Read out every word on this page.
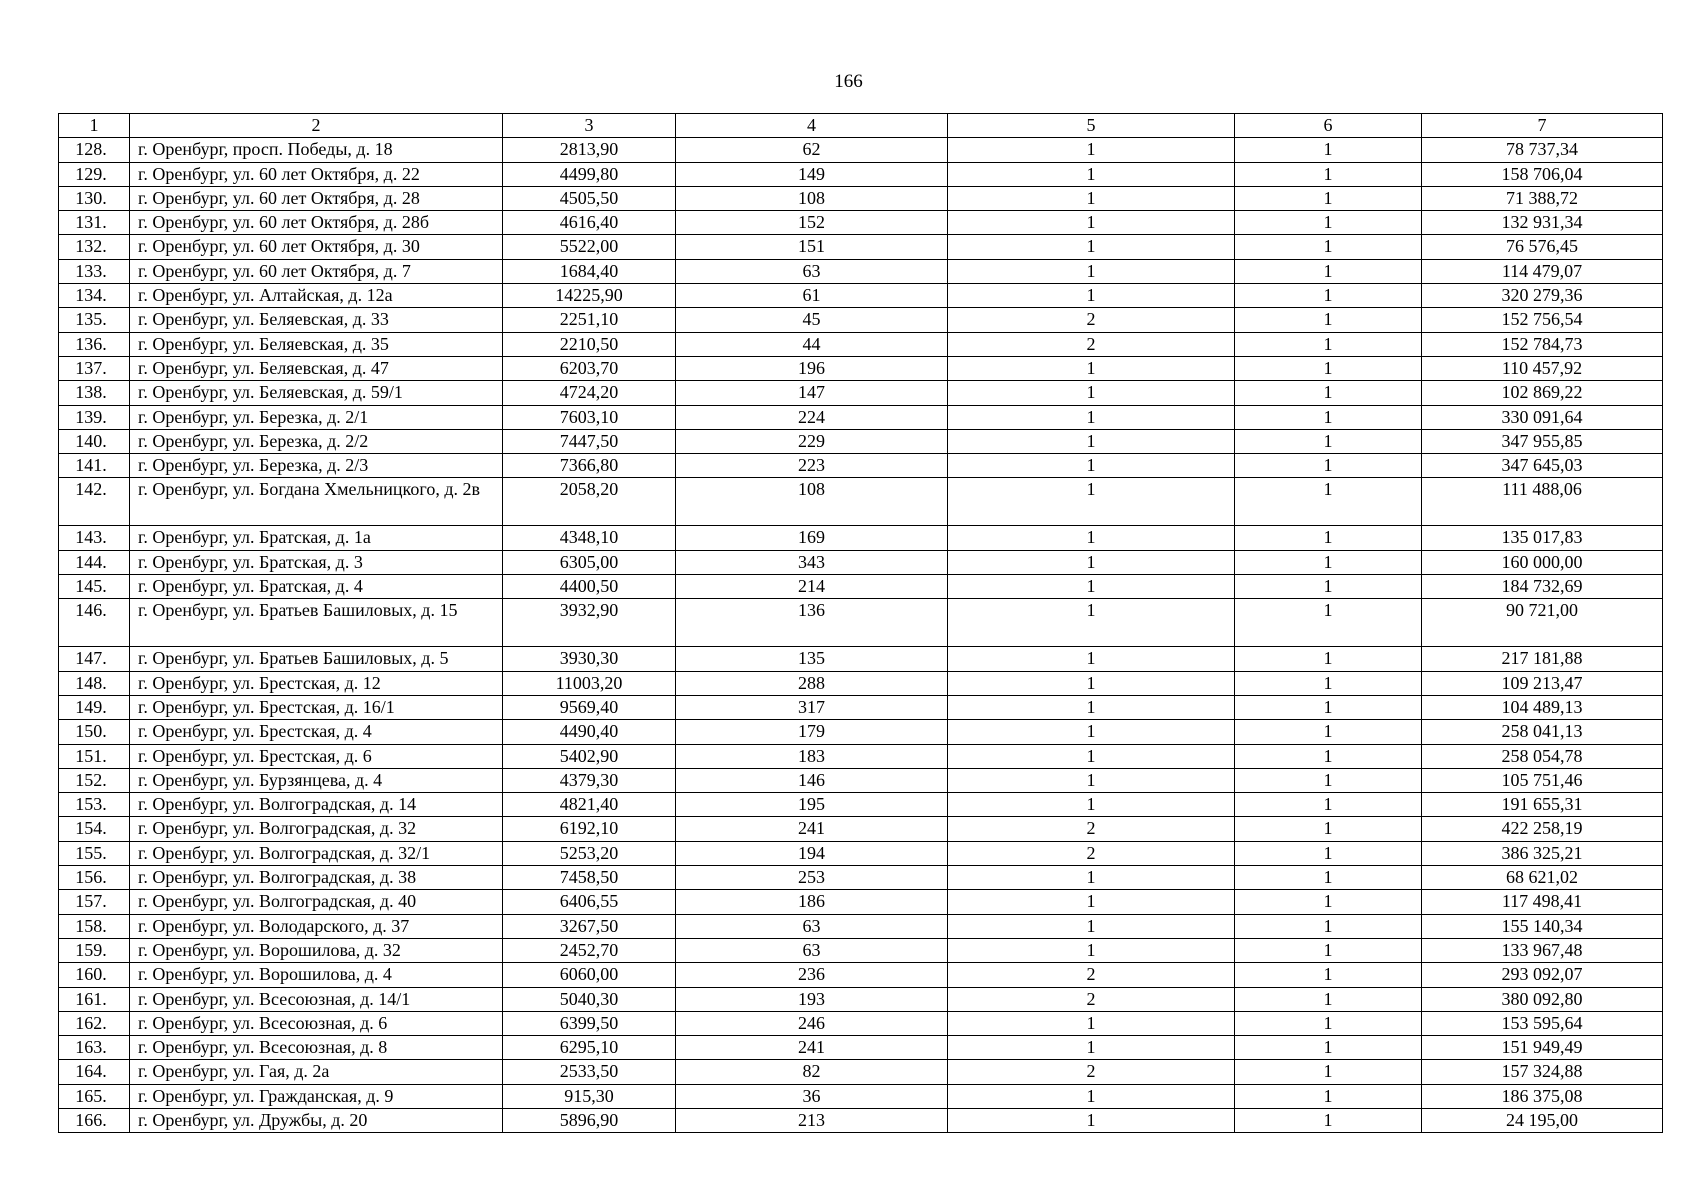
166
1	2	3	4	5	6	7
128.	г. Оренбург, просп. Победы, д. 18	2813,90	62	1	1	78 737,34
129.	г. Оренбург, ул. 60 лет Октября, д. 22	4499,80	149	1	1	158 706,04
130.	г. Оренбург, ул. 60 лет Октября, д. 28	4505,50	108	1	1	71 388,72
131.	г. Оренбург, ул. 60 лет Октября, д. 28б	4616,40	152	1	1	132 931,34
132.	г. Оренбург, ул. 60 лет Октября, д. 30	5522,00	151	1	1	76 576,45
133.	г. Оренбург, ул. 60 лет Октября, д. 7	1684,40	63	1	1	114 479,07
134.	г. Оренбург, ул. Алтайская, д. 12а	14225,90	61	1	1	320 279,36
135.	г. Оренбург, ул. Беляевская, д. 33	2251,10	45	2	1	152 756,54
136.	г. Оренбург, ул. Беляевская, д. 35	2210,50	44	2	1	152 784,73
137.	г. Оренбург, ул. Беляевская, д. 47	6203,70	196	1	1	110 457,92
138.	г. Оренбург, ул. Беляевская, д. 59/1	4724,20	147	1	1	102 869,22
139.	г. Оренбург, ул. Березка, д. 2/1	7603,10	224	1	1	330 091,64
140.	г. Оренбург, ул. Березка, д. 2/2	7447,50	229	1	1	347 955,85
141.	г. Оренбург, ул. Березка, д. 2/3	7366,80	223	1	1	347 645,03
142.	г. Оренбург, ул. Богдана Хмельницкого, д. 2в	2058,20	108	1	1	111 488,06
143.	г. Оренбург, ул. Братская, д. 1а	4348,10	169	1	1	135 017,83
144.	г. Оренбург, ул. Братская, д. 3	6305,00	343	1	1	160 000,00
145.	г. Оренбург, ул. Братская, д. 4	4400,50	214	1	1	184 732,69
146.	г. Оренбург, ул. Братьев Башиловых, д. 15	3932,90	136	1	1	90 721,00
147.	г. Оренбург, ул. Братьев Башиловых, д. 5	3930,30	135	1	1	217 181,88
148.	г. Оренбург, ул. Брестская, д. 12	11003,20	288	1	1	109 213,47
149.	г. Оренбург, ул. Брестская, д. 16/1	9569,40	317	1	1	104 489,13
150.	г. Оренбург, ул. Брестская, д. 4	4490,40	179	1	1	258 041,13
151.	г. Оренбург, ул. Брестская, д. 6	5402,90	183	1	1	258 054,78
152.	г. Оренбург, ул. Бурзянцева, д. 4	4379,30	146	1	1	105 751,46
153.	г. Оренбург, ул. Волгоградская, д. 14	4821,40	195	1	1	191 655,31
154.	г. Оренбург, ул. Волгоградская, д. 32	6192,10	241	2	1	422 258,19
155.	г. Оренбург, ул. Волгоградская, д. 32/1	5253,20	194	2	1	386 325,21
156.	г. Оренбург, ул. Волгоградская, д. 38	7458,50	253	1	1	68 621,02
157.	г. Оренбург, ул. Волгоградская, д. 40	6406,55	186	1	1	117 498,41
158.	г. Оренбург, ул. Володарского, д. 37	3267,50	63	1	1	155 140,34
159.	г. Оренбург, ул. Ворошилова, д. 32	2452,70	63	1	1	133 967,48
160.	г. Оренбург, ул. Ворошилова, д. 4	6060,00	236	2	1	293 092,07
161.	г. Оренбург, ул. Всесоюзная, д. 14/1	5040,30	193	2	1	380 092,80
162.	г. Оренбург, ул. Всесоюзная, д. 6	6399,50	246	1	1	153 595,64
163.	г. Оренбург, ул. Всесоюзная, д. 8	6295,10	241	1	1	151 949,49
164.	г. Оренбург, ул. Гая, д. 2а	2533,50	82	2	1	157 324,88
165.	г. Оренбург, ул. Гражданская, д. 9	915,30	36	1	1	186 375,08
166.	г. Оренбург, ул. Дружбы, д. 20	5896,90	213	1	1	24 195,00
